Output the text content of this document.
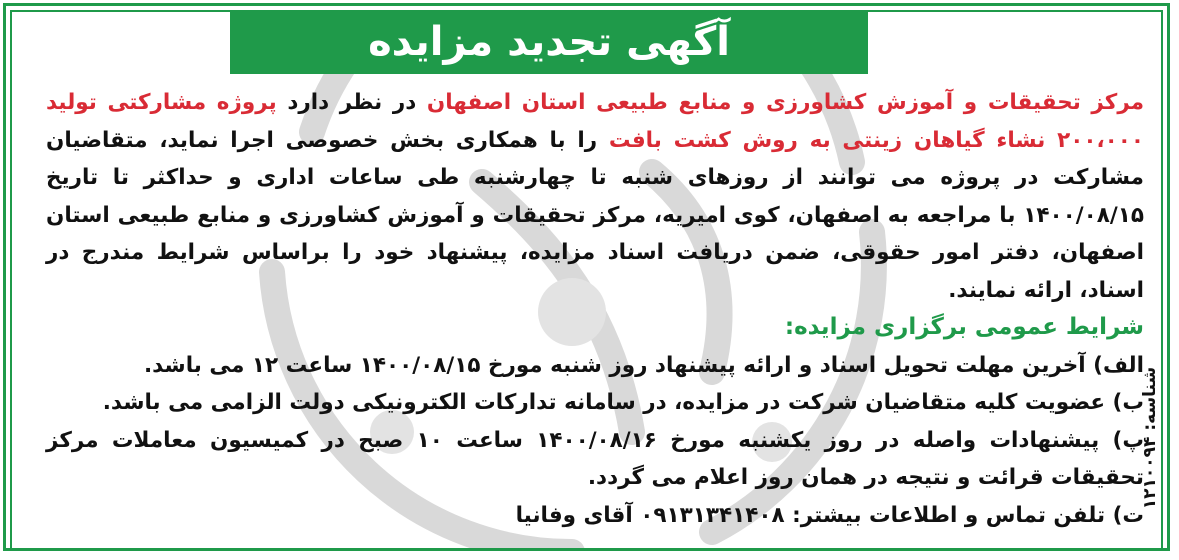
آگهی تجدید مزایده
شناسه: ۱۲۱۰۰۹۴

مرکز تحقیقات و آموزش کشاورزی و منابع طبیعی استان اصفهان در نظر دارد پروژه مشارکتی تولید ۲۰۰،۰۰۰ نشاء گیاهان زینتی به روش کشت بافت را با همکاری بخش خصوصی اجرا نماید، متقاضیان مشارکت در پروژه می توانند از روزهای شنبه تا چهارشنبه طی ساعات اداری و حداکثر تا تاریخ ۱۴۰۰/۰۸/۱۵ با مراجعه به اصفهان، کوی امیریه، مرکز تحقیقات و آموزش کشاورزی و منابع طبیعی استان اصفهان، دفتر امور حقوقی، ضمن دریافت اسناد مزایده، پیشنهاد خود را براساس شرایط مندرج در اسناد، ارائه نمایند.

شرایط عمومی برگزاری مزایده:

الف) آخرین مهلت تحویل اسناد و ارائه پیشنهاد روز شنبه مورخ ۱۴۰۰/۰۸/۱۵ ساعت ۱۲ می باشد.

ب) عضویت کلیه متقاضیان شرکت در مزایده، در سامانه تدارکات الکترونیکی دولت الزامی می باشد.

پ) پیشنهادات واصله در روز یکشنبه مورخ ۱۴۰۰/۰۸/۱۶ ساعت ۱۰ صبح در کمیسیون معاملات مرکز تحقیقات قرائت و نتیجه در همان روز اعلام می گردد.

ت) تلفن تماس و اطلاعات بیشتر: ۰۹۱۳۱۳۴۱۴۰۸ آقای وفانیا
